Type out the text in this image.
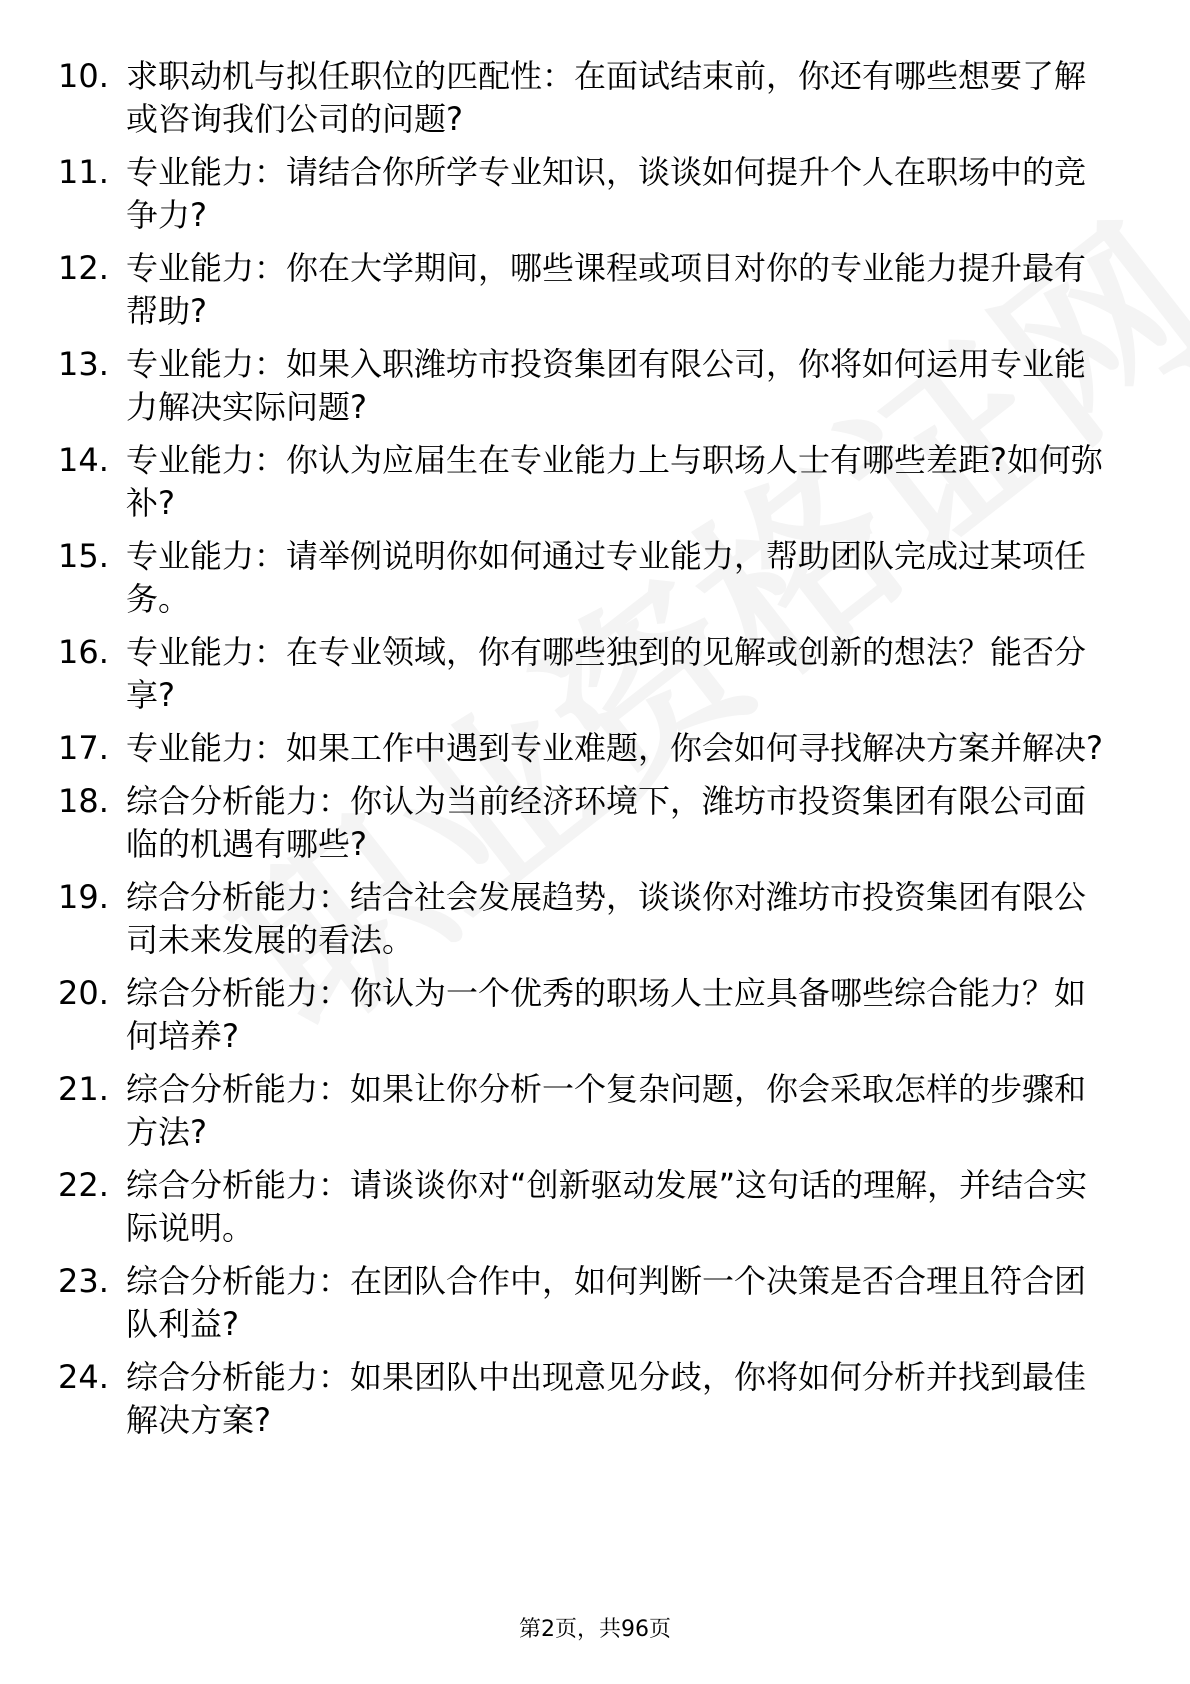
10. 求职动机与拟任职位的匹配性：在面试结束前，你还有哪些想要了解或咨询我们公司的问题?
11. 专业能力：请结合你所学专业知识，谈谈如何提升个人在职场中的竞争力?
12. 专业能力：你在大学期间，哪些课程或项目对你的专业能力提升最有帮助?
13. 专业能力：如果入职潍坊市投资集团有限公司，你将如何运用专业能力解决实际问题?
14. 专业能力：你认为应届生在专业能力上与职场人士有哪些差距?如何弥补?
15. 专业能力：请举例说明你如何通过专业能力，帮助团队完成过某项任务。
16. 专业能力：在专业领域，你有哪些独到的见解或创新的想法？能否分享?
17. 专业能力：如果工作中遇到专业难题，你会如何寻找解决方案并解决?
18. 综合分析能力：你认为当前经济环境下，潍坊市投资集团有限公司面临的机遇有哪些?
19. 综合分析能力：结合社会发展趋势，谈谈你对潍坊市投资集团有限公司未来发展的看法。
20. 综合分析能力：你认为一个优秀的职场人士应具备哪些综合能力？如何培养?
21. 综合分析能力：如果让你分析一个复杂问题，你会采取怎样的步骤和方法?
22. 综合分析能力：请谈谈你对“创新驱动发展”这句话的理解，并结合实际说明。
23. 综合分析能力：在团队合作中，如何判断一个决策是否合理且符合团队利益?
24. 综合分析能力：如果团队中出现意见分歧，你将如何分析并找到最佳解决方案?
第2页，共96页
